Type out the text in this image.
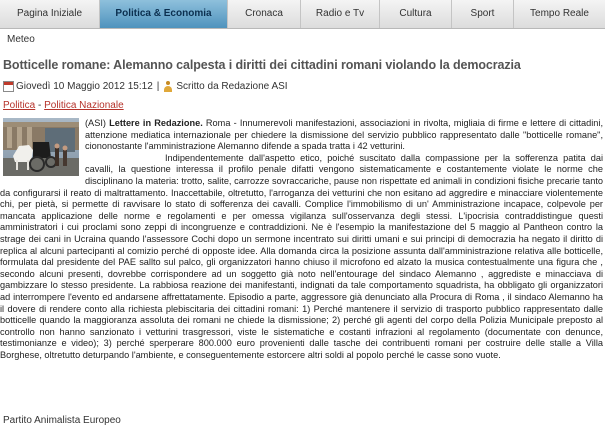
Pagina Iniziale	Politica & Economia	Cronaca	Radio e Tv	Cultura	Sport	Tempo Reale
Meteo
Botticelle romane: Alemanno calpesta i diritti dei cittadini romani violando la democrazia
Giovedì 10 Maggio 2012 15:12 | Scritto da Redazione ASI
Politica - Politica Nazionale

(ASI) Lettere in Redazione. Roma - Innumerevoli manifestazioni, associazioni in rivolta, migliaia di firme e lettere di cittadini, attenzione mediatica internazionale per chiedere la dismissione del servizio pubblico rappresentato dalle "botticelle romane", ciononostante l'amministrazione Alemanno difende a spada tratta i 42 vetturini.

Indipendentemente dall'aspetto etico, poiché suscitato dalla compassione per la sofferenza patita dai cavalli, la questione interessa il profilo penale difatti vengono sistematicamente e costantemente violate le norme che disciplinano la materia: trotto, salite, carrozze sovraccariche, pause non rispettate ed animali in condizioni fisiche precarie tanto da configurarsi il reato di maltrattamento. Inaccettabile, oltretutto, l'arroganza dei vetturini che non esitano ad aggredire e minacciare violentemente chi, per pietà, si permette di ravvisare lo stato di sofferenza dei cavalli. Complice l'immobilismo di un' Amministrazione incapace, colpevole per mancata applicazione delle norme e regolamenti e per omessa vigilanza sull'osservanza degli stessi. L'ipocrisia contraddistingue questi amministratori i cui proclami sono zeppi di incongruenze e contraddizioni. Ne è l'esempio la manifestazione del 5 maggio al Pantheon contro la strage dei cani in Ucraina quando l'assessore Cochi dopo un sermone incentrato sui diritti umani e sui principi di democrazia ha negato il diritto di replica al alcuni partecipanti al comizio perché di opposte idee. Alla domanda circa la posizione assunta dall'amministrazione relativa alle botticelle, formulata dal presidente del PAE sallto sul palco, gli organizzatori hanno chiuso il microfono ed alzato la musica contestualmente una figura che , secondo alcuni presenti, dovrebbe corrispondere ad un soggetto già noto nell'entourage del sindaco Alemanno , aggrediste e minacciava di gambizzare lo stesso presidente. La rabbiosa reazione dei manifestanti, indignati da tale comportamento squadrista, ha obbligato gli organizzatori ad interrompere l'evento ed andarsene affrettatamente. Episodio a parte, aggressore già denunciato alla Procura di Roma , il sindaco Alemanno ha il dovere di rendere conto alla richiesta plebiscitaria dei cittadini romani: 1) Perché mantenere il servizio di trasporto pubblico rappresentato dalle botticelle quando la maggioranza assoluta dei romani ne chiede la dismissione; 2) perché gli agenti del corpo della Polizia Municipale preposto al controllo non hanno sanzionato i vetturini trasgressori, viste le sistematiche e costanti infrazioni al regolamento (documentate con denunce, testimonianze e video); 3) perché sperperare 800.000 euro provenienti dalle tasche dei contribuenti romani per costruire delle stalle a Villa Borghese, oltretutto deturpando l'ambiente, e conseguentemente estorcere altri soldi al popolo perché le casse sono vuote.

Partito Animalista Europeo
